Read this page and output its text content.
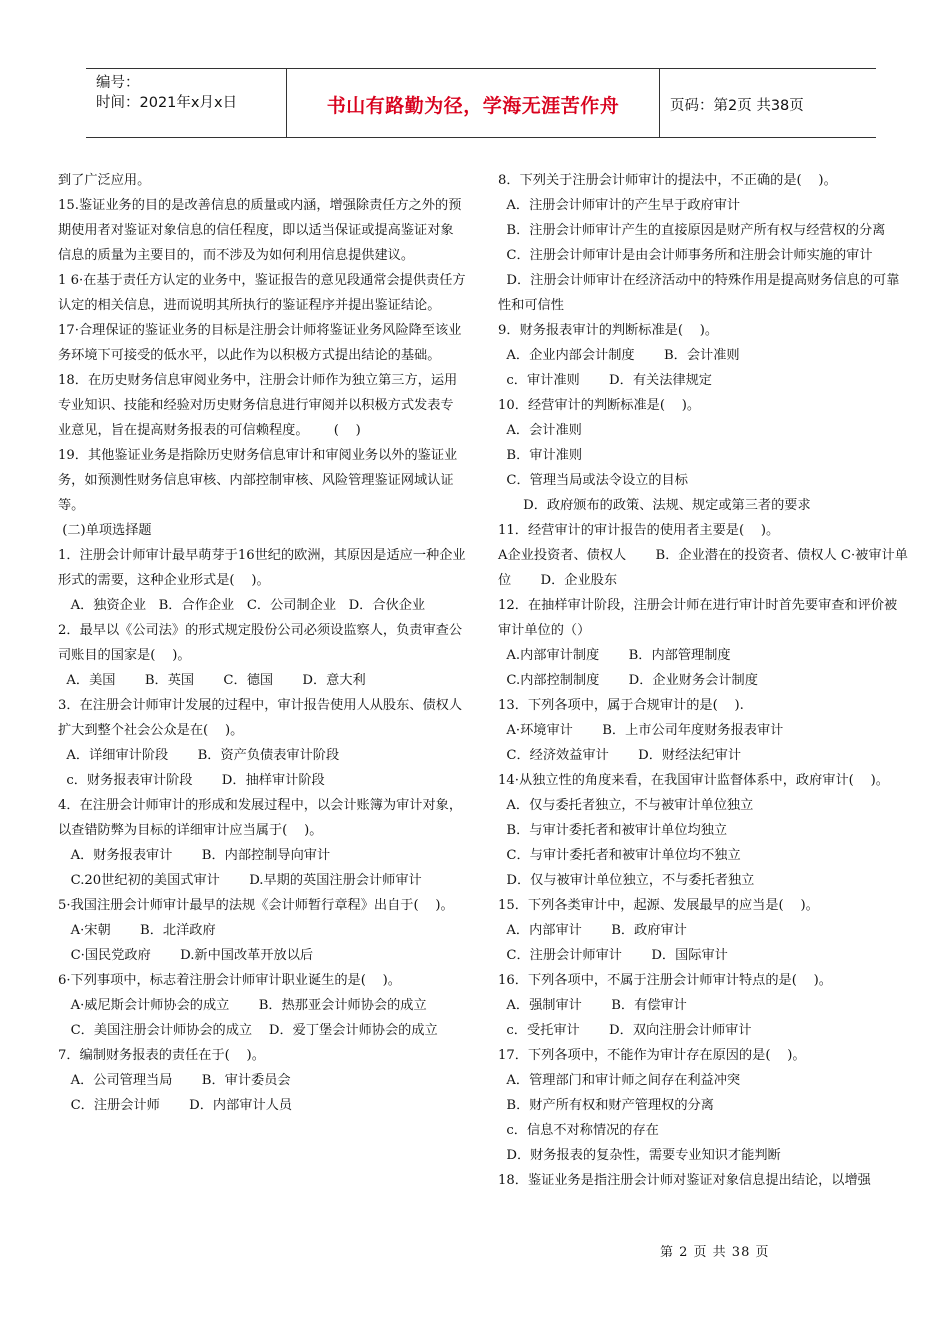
编号：
时间：2021年x月x日	书山有路勤为径，学海无涯苦作舟	页码：第2页 共38页

到了广泛应用。

15.鉴证业务的目的是改善信息的质量或内涵，增强除责任方之外的预期使用者对鉴证对象信息的信任程度，即以适当保证或提高鉴证对象信息的质量为主要目的，而不涉及为如何利用信息提供建议。

1 6·在基于责任方认定的业务中，鉴证报告的意见段通常会提供责任方认定的相关信息，进而说明其所执行的鉴证程序并提出鉴证结论。

17·合理保证的鉴证业务的目标是注册会计师将鉴证业务风险降至该业务环境下可接受的低水平，以此作为以积极方式提出结论的基础。

18．在历史财务信息审阅业务中，注册会计师作为独立第三方，运用专业知识、技能和经验对历史财务信息进行审阅并以积极方式发表专业意见，旨在提高财务报表的可信赖程度。      (    )

19．其他鉴证业务是指除历史财务信息审计和审阅业务以外的鉴证业务，如预测性财务信息审核、内部控制审核、风险管理鉴证网域认证等。

(二)单项选择题

1．注册会计师审计最早萌芽于16世纪的欧洲，其原因是适应一种企业形式的需要，这种企业形式是(    )。

A．独资企业   B．合作企业   C．公司制企业   D．合伙企业

2．最早以《公司法》的形式规定股份公司必须设监察人，负责审查公司账目的国家是(    )。

A．美国       B．英国       C．德国       D．意大利

3．在注册会计师审计发展的过程中，审计报告使用人从股东、债权人扩大到整个社会公众是在(    )。

A．详细审计阶段       B．资产负债表审计阶段

c．财务报表审计阶段       D．抽样审计阶段

4．在注册会计师审计的形成和发展过程中，以会计账簿为审计对象，以查错防弊为目标的详细审计应当属于(    )。

A．财务报表审计       B．内部控制导向审计

C.20世纪初的美国式审计       D.早期的英国注册会计师审计

5·我国注册会计师审计最早的法规《会计师暂行章程》出自于(    )。

A·宋朝       B．北洋政府

C·国民党政府       D.新中国改革开放以后

6·下列事项中，标志着注册会计师审计职业诞生的是(    )。

A·威尼斯会计师协会的成立       B．热那亚会计师协会的成立

C．美国注册会计师协会的成立    D．爱丁堡会计师协会的成立

7．编制财务报表的责任在于(    )。

A．公司管理当局       B．审计委员会

C．注册会计师       D．内部审计人员

8．下列关于注册会计师审计的提法中，不正确的是(    )。

A．注册会计师审计的产生早于政府审计

B．注册会计师审计产生的直接原因是财产所有权与经营权的分离

C．注册会计师审计是由会计师事务所和注册会计师实施的审计

D．注册会计师审计在经济活动中的特殊作用是提高财务信息的可靠性和可信性

9．财务报表审计的判断标准是(    )。

A．企业内部会计制度       B．会计准则

c．审计准则       D．有关法律规定

10．经营审计的判断标准是(    )。

A．会计准则

B．审计准则

C．管理当局或法令设立的目标

D．政府颁布的政策、法规、规定或第三者的要求

11．经营审计的审计报告的使用者主要是(    )。

A企业投资者、债权人       B．企业潜在的投资者、债权人 C·被审计单位       D．企业股东

12．在抽样审计阶段，注册会计师在进行审计时首先要审查和评价被审计单位的（）

A.内部审计制度       B．内部管理制度

C.内部控制制度       D．企业财务会计制度

13．下列各项中，属于合规审计的是(    ).

A·环境审计       B．上市公司年度财务报表审计

C．经济效益审计       D．财经法纪审计

14·从独立性的角度来看，在我国审计监督体系中，政府审计(    )。

A．仅与委托者独立，不与被审计单位独立

B．与审计委托者和被审计单位均独立

C．与审计委托者和被审计单位均不独立

D．仅与被审计单位独立，不与委托者独立

15．下列各类审计中，起源、发展最早的应当是(    )。

A．内部审计       B．政府审计

C．注册会计师审计       D．国际审计

16．下列各项中，不属于注册会计师审计特点的是(    )。

A．强制审计       B．有偿审计

c．受托审计       D．双向注册会计师审计

17．下列各项中，不能作为审计存在原因的是(    )。

A．管理部门和审计师之间存在利益冲突

B．财产所有权和财产管理权的分离

c．信息不对称情况的存在

D．财务报表的复杂性，需要专业知识才能判断

18．鉴证业务是指注册会计师对鉴证对象信息提出结论，以增强

第 2 页 共 38 页
